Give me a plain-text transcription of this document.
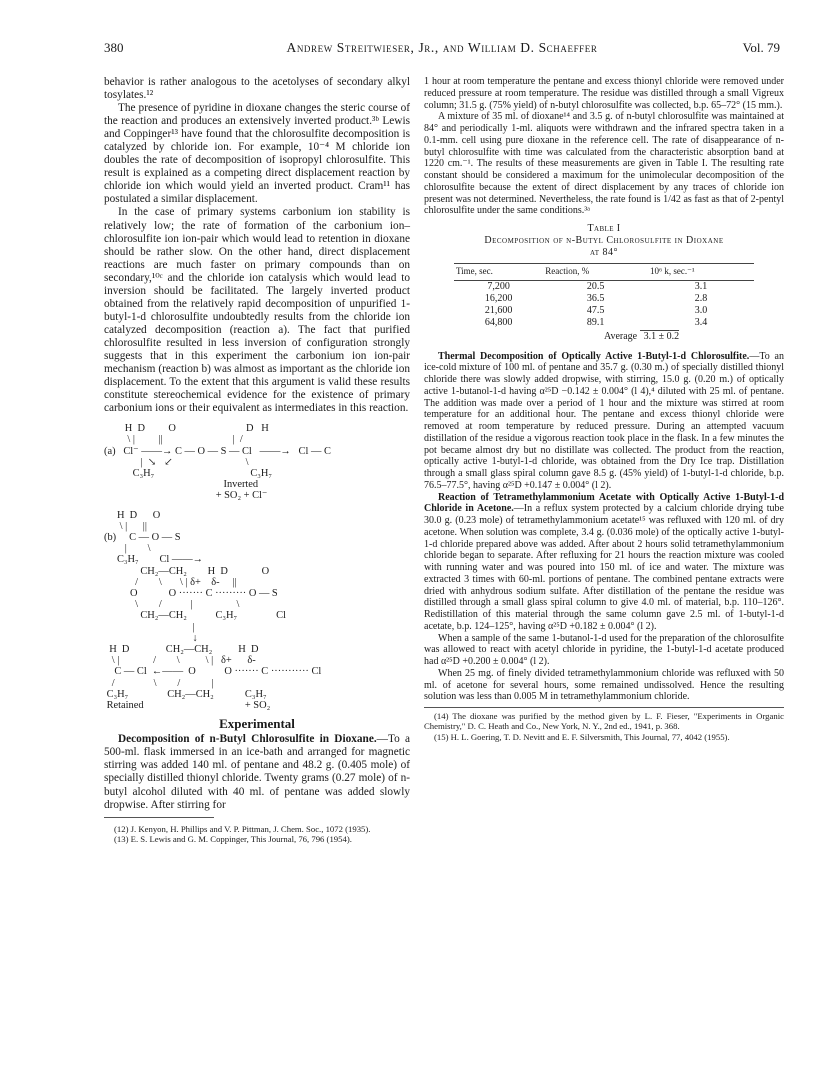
380	Andrew Streitwieser, Jr., and William D. Schaeffer	Vol. 79

behavior is rather analogous to the acetolyses of secondary alkyl tosylates.¹²

The presence of pyridine in dioxane changes the steric course of the reaction and produces an extensively inverted product.³ᵇ Lewis and Coppinger¹³ have found that the chlorosulfite decomposition is catalyzed by chloride ion. For example, 10⁻⁴ M chloride ion doubles the rate of decomposition of isopropyl chlorosulfite. This result is explained as a competing direct displacement reaction by chloride ion which would yield an inverted product. Cram¹¹ has postulated a similar displacement.

In the case of primary systems carbonium ion stability is relatively low; the rate of formation of the carbonium ion–chlorosulfite ion ion-pair which would lead to retention in dioxane should be rather slow. On the other hand, direct displacement reactions are much faster on primary compounds than on secondary,¹⁰ᶜ and the chloride ion catalysis which would lead to inversion should be facilitated. The largely inverted product obtained from the relatively rapid decomposition of unpurified 1-butyl-1-d chlorosulfite undoubtedly results from the chloride ion catalyzed decomposition (reaction a). The fact that purified chlorosulfite resulted in less inversion of configuration strongly suggests that in this experiment the carbonium ion ion-pair mechanism (reaction b) was almost as important as the chloride ion displacement. To the extent that this argument is valid these results constitute stereochemical evidence for the existence of primary carbonium ions or their equivalent as intermediates in this reaction.

H  D         O                           D   H
\ |         ||                           |  /
(a)   Cl⁻ ——→ C — O — S — Cl   ——→   Cl — C
|  ↘   ↙                            \
C₃H₇                                     C₃H₇
Inverted
+ SO₂ + Cl⁻
H  D      O
\ |      ||
(b)     C — O — S
|        \
C₃H₇        Cl ——→
CH₂—CH₂        H  D             O
/        \       \ | δ+    δ-     ||
O            O ······· C ········· O — S
\        /           |                 \
CH₂—CH₂           C₃H₇               Cl
|
↓
H  D              CH₂—CH₂          H  D
\ |             /        \          \ |   δ+      δ-
C — Cl  ←——  O           O ······· C ··········· Cl
/               \        /            |
C₃H₇               CH₂—CH₂            C₃H₇
Retained                                       + SO₂
Experimental

Decomposition of n-Butyl Chlorosulfite in Dioxane.—To a 500-ml. flask immersed in an ice-bath and arranged for magnetic stirring was added 140 ml. of pentane and 48.2 g. (0.405 mole) of specially distilled thionyl chloride. Twenty grams (0.27 mole) of n-butyl alcohol diluted with 40 ml. of pentane was added slowly dropwise. After stirring for

(12) J. Kenyon, H. Phillips and V. P. Pittman, J. Chem. Soc., 1072 (1935).
(13) E. S. Lewis and G. M. Coppinger, This Journal, 76, 796 (1954).

1 hour at room temperature the pentane and excess thionyl chloride were removed under reduced pressure at room temperature. The residue was distilled through a small Vigreux column; 31.5 g. (75% yield) of n-butyl chlorosulfite was collected, b.p. 65–72° (15 mm.).

A mixture of 35 ml. of dioxane¹⁴ and 3.5 g. of n-butyl chlorosulfite was maintained at 84° and periodically 1-ml. aliquots were withdrawn and the infrared spectra taken in a 0.1-mm. cell using pure dioxane in the reference cell. The rate of disappearance of n-butyl chlorosulfite with time was calculated from the characteristic absorption band at 1220 cm.⁻¹. The results of these measurements are given in Table I. The resulting rate constant should be considered a maximum for the unimolecular decomposition of the chlorosulfite because the extent of direct displacement by any traces of chloride ion present was not determined. Nevertheless, the rate found is 1/42 as fast as that of 2-pentyl chlorosulfite under the same conditions.³ᵃ

Table I
Decomposition of n-Butyl Chlorosulfite in Dioxane
at 84°
Time, sec.	Reaction, %	10⁶ k, sec.⁻¹
7,200	20.5	3.1
16,200	36.5	2.8
21,600	47.5	3.0
64,800	89.1	3.4
Average 3.1 ± 0.2

Thermal Decomposition of Optically Active 1-Butyl-1-d Chlorosulfite.—To an ice-cold mixture of 100 ml. of pentane and 35.7 g. (0.30 m.) of specially distilled thionyl chloride there was slowly added dropwise, with stirring, 15.0 g. (0.20 m.) of optically active 1-butanol-1-d having α²⁵D −0.142 ± 0.004° (l 4),⁴ diluted with 25 ml. of pentane. The addition was made over a period of 1 hour and the mixture was stirred at room temperature for an additional hour. The pentane and excess thionyl chloride were removed at room temperature by reduced pressure. During an attempted vacuum distillation of the residue a vigorous reaction took place in the flask. In a few minutes the pot became almost dry but no distillate was collected. The product from the reaction, optically active 1-butyl-1-d chloride, was obtained from the Dry Ice trap. Distillation through a small glass spiral column gave 8.5 g. (45% yield) of 1-butyl-1-d chloride, b.p. 76.5–77.5°, having α²⁵D +0.147 ± 0.004° (l 2).

Reaction of Tetramethylammonium Acetate with Optically Active 1-Butyl-1-d Chloride in Acetone.—In a reflux system protected by a calcium chloride drying tube 30.0 g. (0.23 mole) of tetramethylammonium acetate¹⁵ was refluxed with 120 ml. of dry acetone. When solution was complete, 3.4 g. (0.036 mole) of the optically active 1-butyl-1-d chloride prepared above was added. After about 2 hours solid tetramethylammonium chloride began to separate. After refluxing for 21 hours the reaction mixture was cooled with running water and was poured into 150 ml. of ice and water. The mixture was extracted 3 times with 60-ml. portions of pentane. The combined pentane extracts were dried with anhydrous sodium sulfate. After distillation of the pentane the residue was distilled through a small glass spiral column to give 4.0 ml. of material, b.p. 110–126°. Redistillation of this material through the same column gave 2.5 ml. of 1-butyl-1-d acetate, b.p. 124–125°, having α²⁵D +0.182 ± 0.004° (l 2).

When a sample of the same 1-butanol-1-d used for the preparation of the chlorosulfite was allowed to react with acetyl chloride in pyridine, the 1-butyl-1-d acetate produced had α²⁵D +0.200 ± 0.004° (l 2).

When 25 mg. of finely divided tetramethylammonium chloride was refluxed with 50 ml. of acetone for several hours, some remained undissolved. Hence the resulting solution was less than 0.005 M in tetramethylammonium chloride.

(14) The dioxane was purified by the method given by L. F. Fieser, "Experiments in Organic Chemistry," D. C. Heath and Co., New York, N. Y., 2nd ed., 1941, p. 368.
(15) H. L. Goering, T. D. Nevitt and E. F. Silversmith, This Journal, 77, 4042 (1955).
